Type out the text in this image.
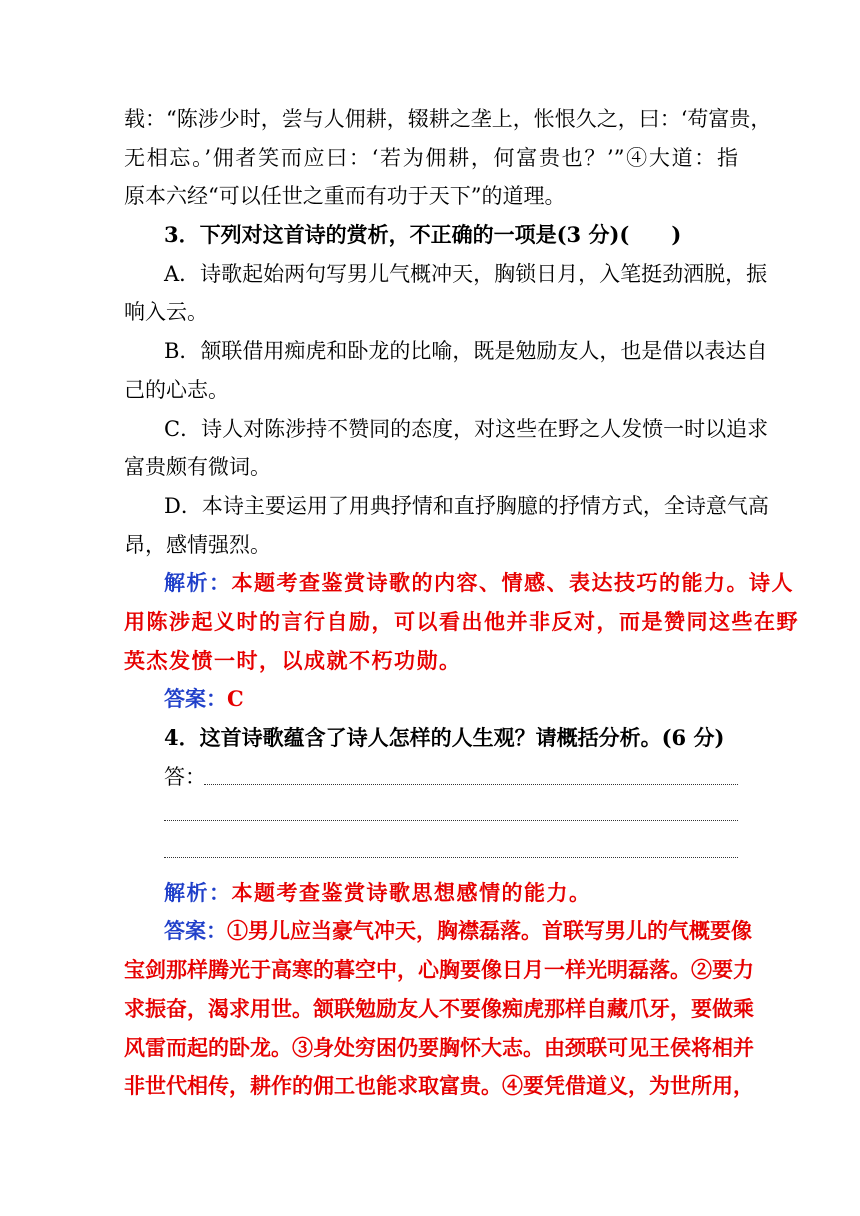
载：“陈涉少时，尝与人佣耕，辍耕之垄上，怅恨久之，曰：‘苟富贵，
无相忘。’佣者笑而应曰：‘若为佣耕，何富贵也？’”④大道：指
原本六经“可以任世之重而有功于天下”的道理。
3．下列对这首诗的赏析，不正确的一项是(3 分)(　　)
A．诗歌起始两句写男儿气概冲天，胸锁日月，入笔挺劲洒脱，振
响入云。
B．颔联借用痴虎和卧龙的比喻，既是勉励友人，也是借以表达自
己的心志。
C．诗人对陈涉持不赞同的态度，对这些在野之人发愤一时以追求
富贵颇有微词。
D．本诗主要运用了用典抒情和直抒胸臆的抒情方式，全诗意气高
昂，感情强烈。
解析：本题考查鉴赏诗歌的内容、情感、表达技巧的能力。诗人
用陈涉起义时的言行自励，可以看出他并非反对，而是赞同这些在野
英杰发愤一时，以成就不朽功勋。
答案：C
4．这首诗歌蕴含了诗人怎样的人生观？请概括分析。(6 分)
答：
解析：本题考查鉴赏诗歌思想感情的能力。
答案：①男儿应当豪气冲天，胸襟磊落。首联写男儿的气概要像
宝剑那样腾光于高寒的暮空中，心胸要像日月一样光明磊落。②要力
求振奋，渴求用世。颔联勉励友人不要像痴虎那样自藏爪牙，要做乘
风雷而起的卧龙。③身处穷困仍要胸怀大志。由颈联可见王侯将相并
非世代相传，耕作的佣工也能求取富贵。④要凭借道义，为世所用，
